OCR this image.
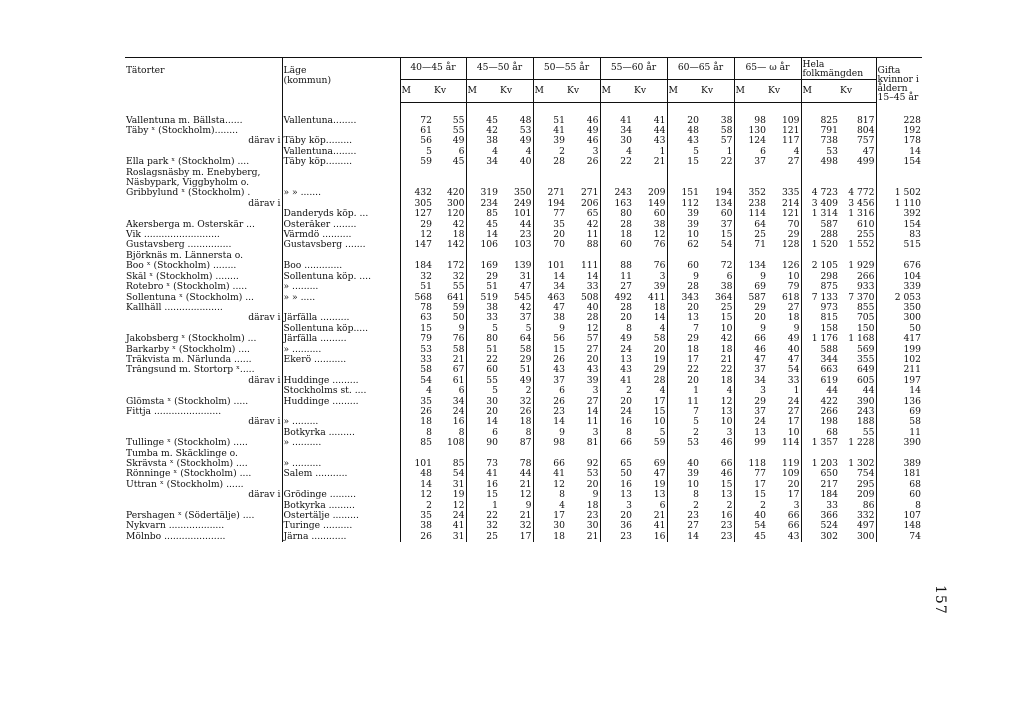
Tätorter	Läge
(kommun)	40—45 år		45—50 år		50—55 år		55—60 år		60—65 år		65— ω år		Hela folkmängden		Gifta kvinnor i åldern 15–45 år
		M	Kv	M	Kv	M	Kv	M	Kv	M	Kv	M	Kv	M	Kv	
Vallentuna m. Bällsta......	Vallentuna........	72	55	45	48	51	46	41	41	20	38	98	109	825	817	228
Täby ˣ (Stockholm)........		61	55	42	53	41	49	34	44	48	58	130	121	791	804	192
därav i	Täby köp.........	56	49	38	49	39	46	30	43	43	57	124	117	738	757	178
	Vallentuna........	5	6	4	4	2	3	4	1	5	1	6	4	53	47	14
Ella park ˣ (Stockholm) ....	Täby köp.........	59	45	34	40	28	26	22	21	15	22	37	27	498	499	154
Roslagsnäsby m. Enebyberg,																
Näsbypark, Viggbyholm o.																
Gribbylund ˣ (Stockholm) .	» » .......	432	420	319	350	271	271	243	209	151	194	352	335	4 723	4 772	1 502
därav i		305	300	234	249	194	206	163	149	112	134	238	214	3 409	3 456	1 110
	Danderyds köp. ...	127	120	85	101	77	65	80	60	39	60	114	121	1 314	1 316	392
Åkersberga m. Österskär ...	Österåker ........	29	42	45	44	35	42	28	38	39	37	64	70	587	610	154
Vik ..........................	Värmdö ..........	12	18	14	23	20	11	18	12	10	15	25	29	288	255	83
Gustavsberg ...............	Gustavsberg .......	147	142	106	103	70	88	60	76	62	54	71	128	1 520	1 552	515
Björknäs m. Lännersta o.																
Boo ˣ (Stockholm) ........	Boo .............	184	172	169	139	101	111	88	76	60	72	134	126	2 105	1 929	676
Skål ˣ (Stockholm) ........	Sollentuna köp. ....	32	32	29	31	14	14	11	3	9	6	9	10	298	266	104
Rotebro ˣ (Stockholm) .....	» .........	51	55	51	47	34	33	27	39	28	38	69	79	875	933	339
Sollentuna ˣ (Stockholm) ...	» » .....	568	641	519	545	463	508	492	411	343	364	587	618	7 133	7 370	2 053
Kallhäll ....................		78	59	38	42	47	40	28	18	20	25	29	27	973	855	350
därav i	Järfälla ..........	63	50	33	37	38	28	20	14	13	15	20	18	815	705	300
	Sollentuna köp.....	15	9	5	5	9	12	8	4	7	10	9	9	158	150	50
Jakobsberg ˣ (Stockholm) ...	Järfälla .........	79	76	80	64	56	57	49	58	29	42	66	49	1 176	1 168	417
Barkarby ˣ (Stockholm) ....	» ..........	53	58	51	58	15	27	24	20	18	18	46	40	588	569	199
Träkvista m. Närlunda ......	Ekerö ...........	33	21	22	29	26	20	13	19	17	21	47	47	344	355	102
Trångsund m. Stortorp ˣ.....		58	67	60	51	43	43	43	29	22	22	37	54	663	649	211
därav i	Huddinge .........	54	61	55	49	37	39	41	28	20	18	34	33	619	605	197
	Stockholms st. ....	4	6	5	2	6	3	2	4	1	4	3	1	44	44	14
Glömsta ˣ (Stockholm) .....	Huddinge .........	35	34	30	32	26	27	20	17	11	12	29	24	422	390	136
Fittja .......................		26	24	20	26	23	14	24	15	7	13	37	27	266	243	69
därav i	» .........	18	16	14	18	14	11	16	10	5	10	24	17	198	188	58
	Botkyrka .........	8	8	6	8	9	3	8	5	2	3	13	10	68	55	11
Tullinge ˣ (Stockholm) .....	» ..........	85	108	90	87	98	81	66	59	53	46	99	114	1 357	1 228	390
Tumba m. Skäcklinge o.																
Skrävsta ˣ (Stockholm) ....	» ..........	101	85	73	78	66	92	65	69	40	66	118	119	1 203	1 302	389
Rönninge ˣ (Stockholm) ....	Salem ...........	48	54	41	44	41	53	50	47	39	46	77	109	650	754	181
Uttran ˣ (Stockholm) ......		14	31	16	21	12	20	16	19	10	15	17	20	217	295	68
därav i	Grödinge .........	12	19	15	12	8	9	13	13	8	13	15	17	184	209	60
	Botkyrka .........	2	12	1	9	4	18	3	6	2	2	2	3	33	86	8
Pershagen ˣ (Södertälje) ....	Östertälje .........	35	24	22	21	17	23	20	21	23	16	40	66	366	332	107
Nykvarn ...................	Turinge ..........	38	41	32	32	30	30	36	41	27	23	54	66	524	497	148
Mölnbo .....................	Järna ............	26	31	25	17	18	21	23	16	14	23	45	43	302	300	74
157
